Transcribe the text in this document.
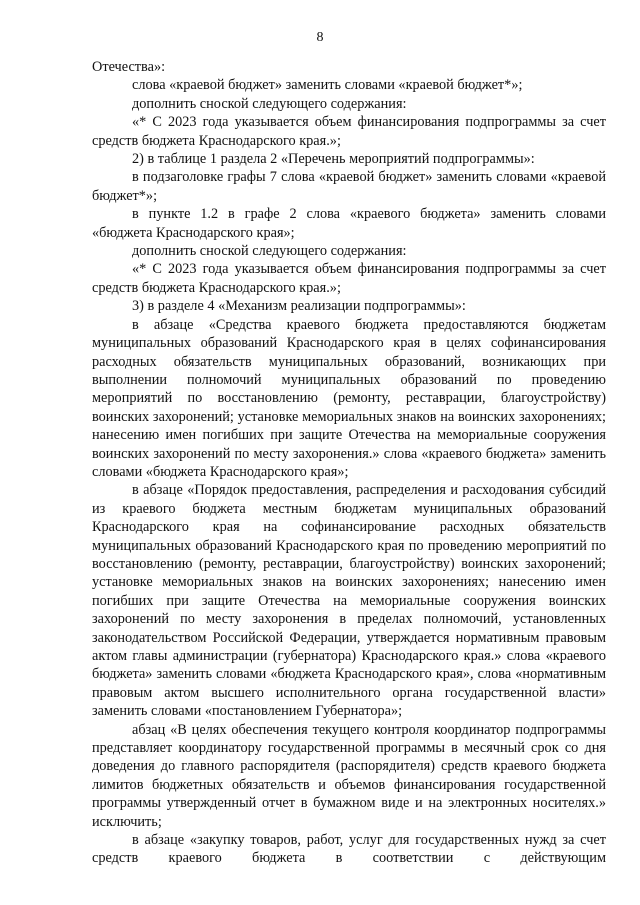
8

Отечества»:

слова «краевой бюджет» заменить словами «краевой бюджет*»;

дополнить сноской следующего содержания:

«* С 2023 года указывается объем финансирования подпрограммы за счет средств бюджета Краснодарского края.»;

2) в таблице 1 раздела 2 «Перечень мероприятий подпрограммы»:

в подзаголовке графы 7 слова «краевой бюджет» заменить словами «краевой бюджет*»;

в пункте 1.2 в графе 2 слова «краевого бюджета» заменить словами «бюджета Краснодарского края»;

дополнить сноской следующего содержания:

«* С 2023 года указывается объем финансирования подпрограммы за счет средств бюджета Краснодарского края.»;

3) в разделе 4 «Механизм реализации подпрограммы»:

в абзаце «Средства краевого бюджета предоставляются бюджетам муниципальных образований Краснодарского края в целях софинансирования расходных обязательств муниципальных образований, возникающих при выполнении полномочий муниципальных образований по проведению мероприятий по восстановлению (ремонту, реставрации, благоустройству) воинских захоронений; установке мемориальных знаков на воинских захоронениях; нанесению имен погибших при защите Отечества на мемориальные сооружения воинских захоронений по месту захоронения.» слова «краевого бюджета» заменить словами «бюджета Краснодарского края»;

в абзаце «Порядок предоставления, распределения и расходования субсидий из краевого бюджета местным бюджетам муниципальных образований Краснодарского края на софинансирование расходных обязательств муниципальных образований Краснодарского края по проведению мероприятий по восстановлению (ремонту, реставрации, благоустройству) воинских захоронений; установке мемориальных знаков на воинских захоронениях; нанесению имен погибших при защите Отечества на мемориальные сооружения воинских захоронений по месту захоронения в пределах полномочий, установленных законодательством Российской Федерации, утверждается нормативным правовым актом главы администрации (губернатора) Краснодарского края.» слова «краевого бюджета» заменить словами «бюджета Краснодарского края», слова «нормативным правовым актом высшего исполнительного органа государственной власти» заменить словами «постановлением Губернатора»;

абзац «В целях обеспечения текущего контроля координатор подпрограммы представляет координатору государственной программы в месячный срок со дня доведения до главного распорядителя (распорядителя) средств краевого бюджета лимитов бюджетных обязательств и объемов финансирования государственной программы утвержденный отчет в бумажном виде и на электронных носителях.» исключить;

в абзаце «закупку товаров, работ, услуг для государственных нужд за счет средств краевого бюджета в соответствии с действующим
